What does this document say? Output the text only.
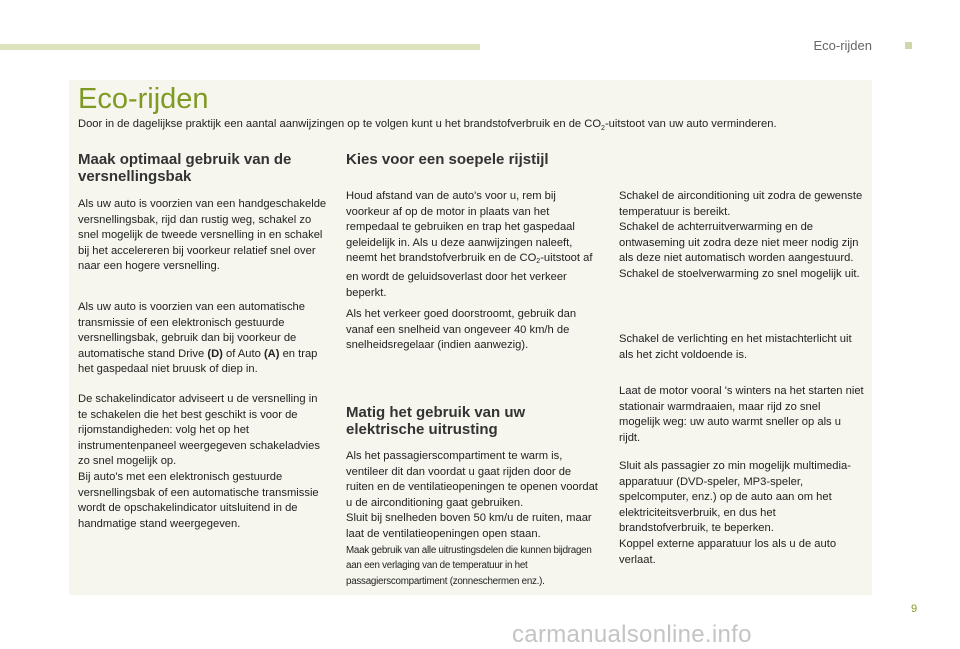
Eco-rijden
Eco-rijden
Door in de dagelijkse praktijk een aantal aanwijzingen op te volgen kunt u het brandstofverbruik en de $CO_2$-uitstoot van uw auto verminderen.
Maak optimaal gebruik van de versnellingsbak
Als uw auto is voorzien van een handgeschakelde versnellingsbak, rijd dan rustig weg, schakel zo snel mogelijk de tweede versnelling in en schakel bij het accelereren bij voorkeur relatief snel over naar een hogere versnelling.
Als uw auto is voorzien van een automatische transmissie of een elektronisch gestuurde versnellingsbak, gebruik dan bij voorkeur de automatische stand Drive (D) of Auto (A) en trap het gaspedaal niet bruusk of diep in.
De schakelindicator adviseert u de versnelling in te schakelen die het best geschikt is voor de rijomstandigheden: volg het op het instrumentenpaneel weergegeven schakeladvies zo snel mogelijk op.
Bij auto's met een elektronisch gestuurde versnellingsbak of een automatische transmissie wordt de opschakelindicator uitsluitend in de handmatige stand weergegeven.
Kies voor een soepele rijstijl
Houd afstand van de auto's voor u, rem bij voorkeur af op de motor in plaats van het rempedaal te gebruiken en trap het gaspedaal geleidelijk in. Als u deze aanwijzingen naleeft, neemt het brandstofverbruik en de $CO_2$-uitstoot af en wordt de geluidsoverlast door het verkeer beperkt.
Als het verkeer goed doorstroomt, gebruik dan vanaf een snelheid van ongeveer 40 km/h de snelheidsregelaar (indien aanwezig).
Matig het gebruik van uw elektrische uitrusting
Als het passagierscompartiment te warm is, ventileer dit dan voordat u gaat rijden door de ruiten en de ventilatieopeningen te openen voordat u de airconditioning gaat gebruiken.
Sluit bij snelheden boven 50 km/u de ruiten, maar laat de ventilatieopeningen open staan.
Maak gebruik van alle uitrustingsdelen die kunnen bijdragen aan een verlaging van de temperatuur in het passagierscompartiment (zonneschermen enz.).
Schakel de airconditioning uit zodra de gewenste temperatuur is bereikt.
Schakel de achterruitverwarming en de ontwaseming uit zodra deze niet meer nodig zijn als deze niet automatisch worden aangestuurd.
Schakel de stoelverwarming zo snel mogelijk uit.
Schakel de verlichting en het mistachterlicht uit als het zicht voldoende is.
Laat de motor vooral 's winters na het starten niet stationair warmdraaien, maar rijd zo snel mogelijk weg: uw auto warmt sneller op als u rijdt.
Sluit als passagier zo min mogelijk multimedia-apparatuur (DVD-speler, MP3-speler, spelcomputer, enz.) op de auto aan om het elektriciteitsverbruik, en dus het brandstofverbruik, te beperken.
Koppel externe apparatuur los als u de auto verlaat.
9
carmanualsonline.info
